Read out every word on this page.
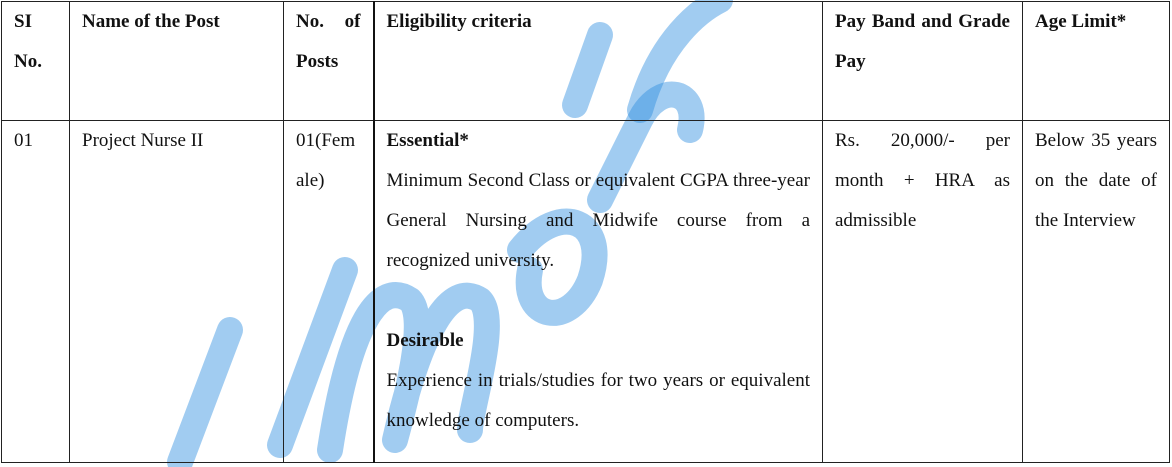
SI No.	Name of the Post	No. of Posts	Eligibility criteria	Pay Band and Grade Pay	Age Limit*
01	Project Nurse II	01(Female)	Essential*
Minimum Second Class or equivalent CGPA three-year General Nursing and Midwife course from a recognized university.
Desirable
Experience in trials/studies for two years or equivalent knowledge of computers.	Rs. 20,000/- per month + HRA as admissible	Below 35 years on the date of the Interview
